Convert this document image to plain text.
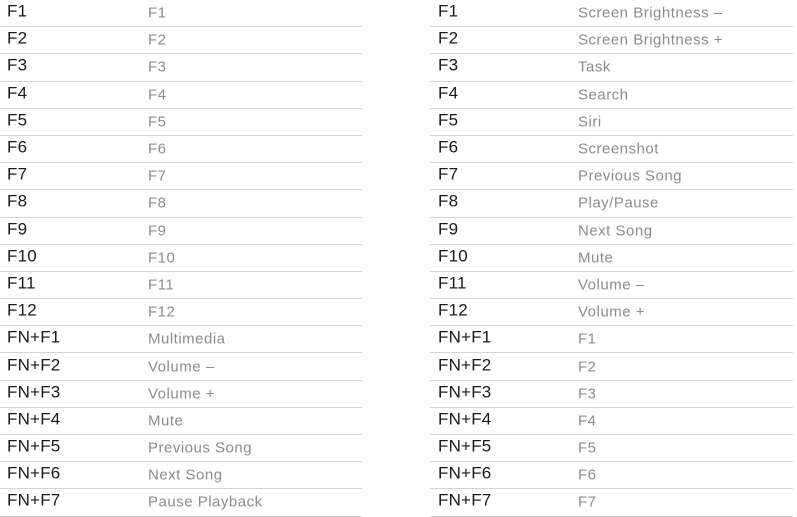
F1	F1
F2	F2
F3	F3
F4	F4
F5	F5
F6	F6
F7	F7
F8	F8
F9	F9
F10	F10
F11	F11
F12	F12
FN+F1	Multimedia
FN+F2	Volume –
FN+F3	Volume +
FN+F4	Mute
FN+F5	Previous Song
FN+F6	Next Song
FN+F7	Pause Playback
F1	Screen Brightness –
F2	Screen Brightness +
F3	Task
F4	Search
F5	Siri
F6	Screenshot
F7	Previous Song
F8	Play/Pause
F9	Next Song
F10	Mute
F11	Volume –
F12	Volume +
FN+F1	F1
FN+F2	F2
FN+F3	F3
FN+F4	F4
FN+F5	F5
FN+F6	F6
FN+F7	F7
